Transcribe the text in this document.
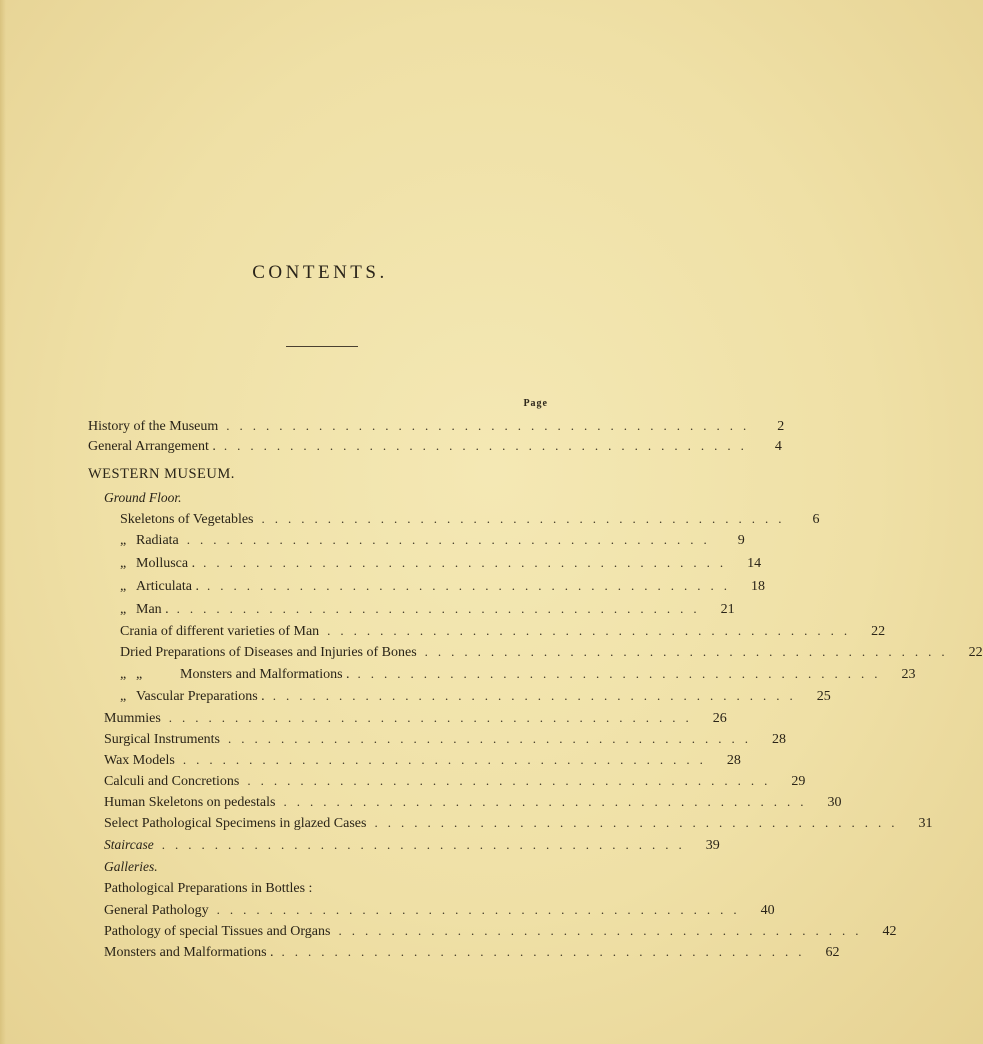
CONTENTS.
Page
History of the Museum ........................................	2
General Arrangement . ........................................	4
WESTERN MUSEUM.
Ground Floor.
Skeletons of Vegetables ........................................	6
„ Radiata ........................................	9
„ Mollusca . ........................................	14
„ Articulata . ........................................	18
„ Man . ........................................	21
Crania of different varieties of Man ........................................	22
Dried Preparations of Diseases and Injuries of Bones ........................................	22
„ „	Monsters and Malformations . ........................................	23
„ Vascular Preparations . ........................................	25
Mummies ........................................	26
Surgical Instruments ........................................	28
Wax Models ........................................	28
Calculi and Concretions ........................................	29
Human Skeletons on pedestals ........................................	30
Select Pathological Specimens in glazed Cases ........................................	31
Staircase ........................................	39
Galleries.
Pathological Preparations in Bottles :
General Pathology ........................................	40
Pathology of special Tissues and Organs ........................................	42
Monsters and Malformations . ........................................	62
